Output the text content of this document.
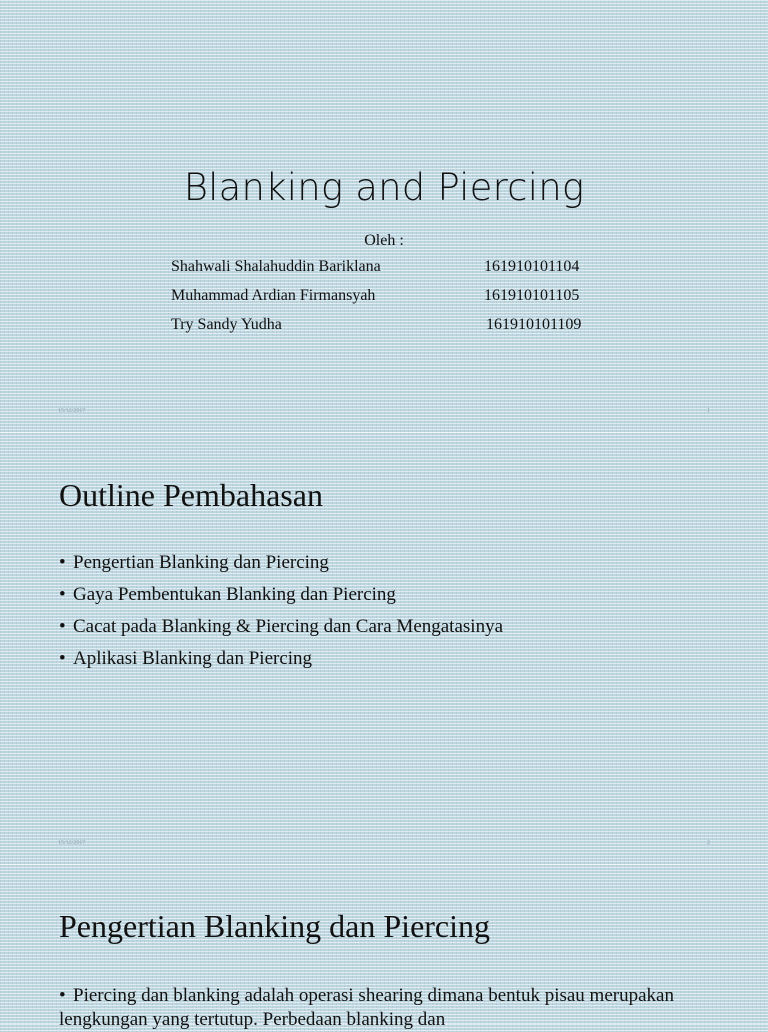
Blanking and Piercing

Oleh :

Shahwali Shalahuddin Bariklana	161910101104
Muhammad Ardian Firmansyah	161910101105
Try Sandy Yudha	161910101109
15/12/2017	1
Outline Pembahasan
• Pengertian Blanking dan Piercing
• Gaya Pembentukan Blanking dan Piercing
• Cacat pada Blanking & Piercing dan Cara Mengatasinya
• Aplikasi Blanking dan Piercing
15/12/2017	2
Pengertian Blanking dan Piercing

• Piercing dan blanking adalah operasi shearing dimana bentuk pisau merupakan lengkungan yang tertutup. Perbedaan blanking dan
